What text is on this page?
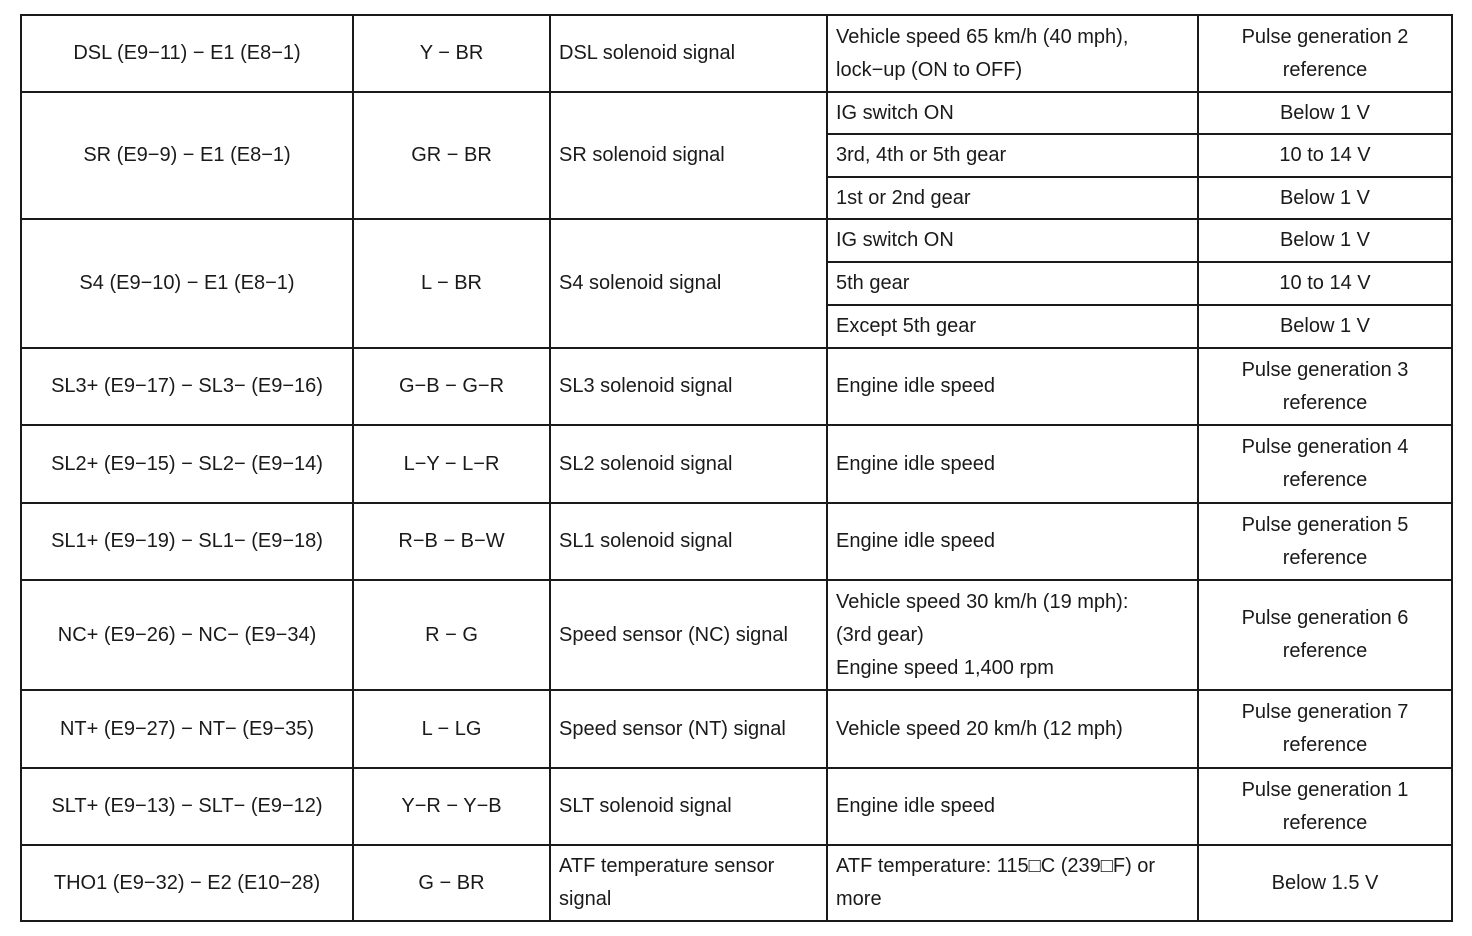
DSL (E9−11) − E1 (E8−1)	Y − BR	DSL solenoid signal	Vehicle speed 65 km/h (40 mph),
lock−up (ON to OFF)	Pulse generation 2
reference

SR (E9−9) − E1 (E8−1)	GR − BR	SR solenoid signal	IG switch ON	Below 1 V

			3rd, 4th or 5th gear	10 to 14 V

			1st or 2nd gear	Below 1 V

S4 (E9−10) − E1 (E8−1)	L − BR	S4 solenoid signal	IG switch ON	Below 1 V

			5th gear	10 to 14 V

			Except 5th gear	Below 1 V

SL3+ (E9−17) − SL3− (E9−16)	G−B − G−R	SL3 solenoid signal	Engine idle speed	Pulse generation 3
reference

SL2+ (E9−15) − SL2− (E9−14)	L−Y − L−R	SL2 solenoid signal	Engine idle speed	Pulse generation 4
reference

SL1+ (E9−19) − SL1− (E9−18)	R−B − B−W	SL1 solenoid signal	Engine idle speed	Pulse generation 5
reference

NC+ (E9−26) − NC− (E9−34)	R − G	Speed sensor (NC) signal	Vehicle speed 30 km/h (19 mph):
(3rd gear)
Engine speed 1,400 rpm	Pulse generation 6
reference

NT+ (E9−27) − NT− (E9−35)	L − LG	Speed sensor (NT) signal	Vehicle speed 20 km/h (12 mph)	Pulse generation 7
reference

SLT+ (E9−13) − SLT− (E9−12)	Y−R − Y−B	SLT solenoid signal	Engine idle speed	Pulse generation 1
reference

THO1 (E9−32) − E2 (E10−28)	G − BR	ATF temperature sensor
signal	ATF temperature: 115□C (239□F) or
more	Below 1.5 V
